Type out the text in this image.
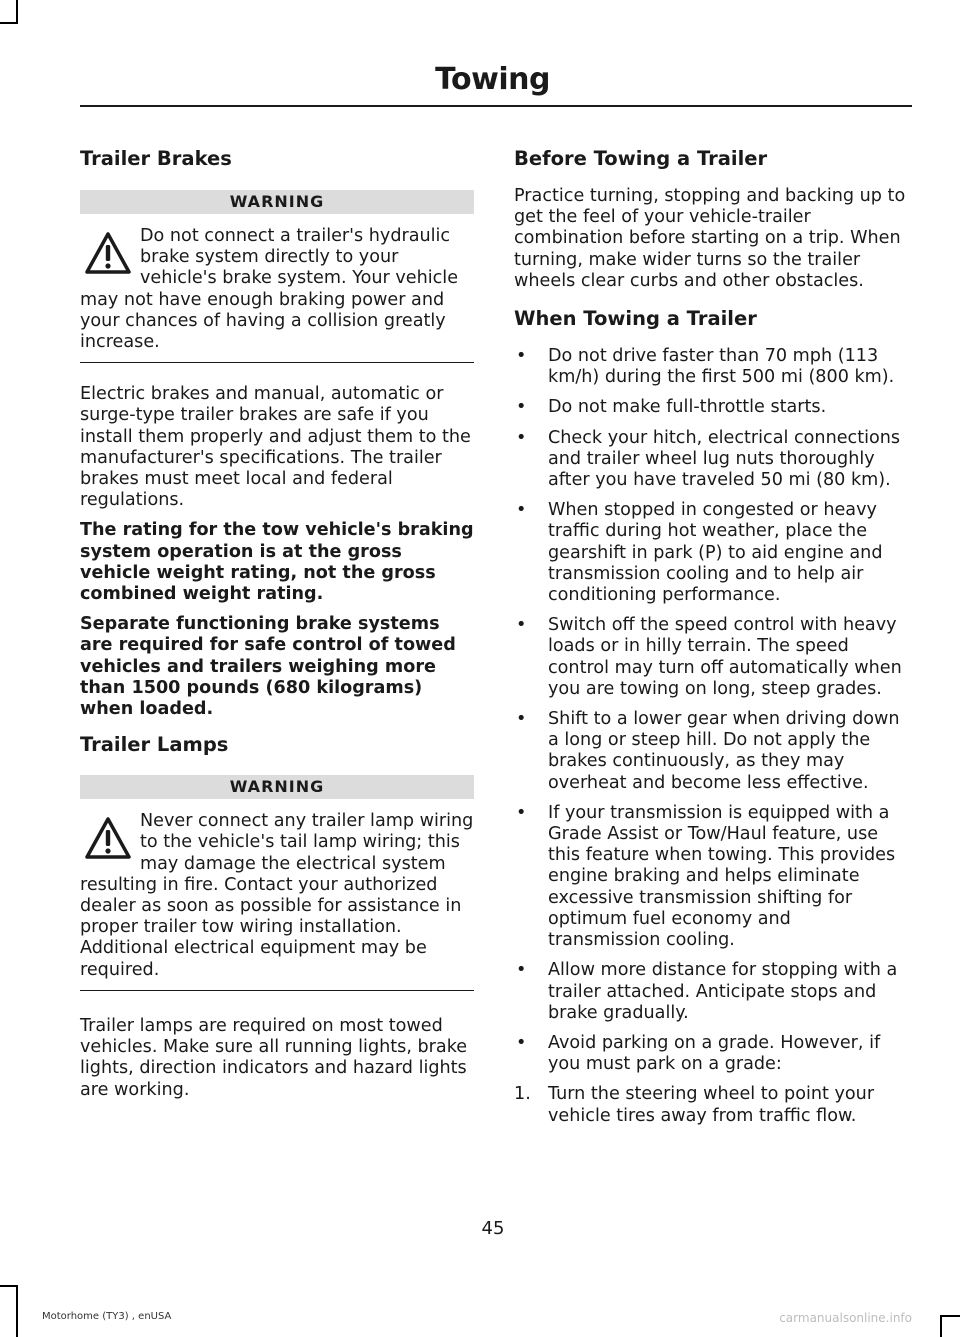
Towing
Trailer Brakes
WARNING
Do not connect a trailer's hydraulic brake system directly to your vehicle's brake system. Your vehicle may not have enough braking power and your chances of having a collision greatly increase.

Electric brakes and manual, automatic or surge-type trailer brakes are safe if you install them properly and adjust them to the manufacturer's specifications. The trailer brakes must meet local and federal regulations.

The rating for the tow vehicle's braking system operation is at the gross vehicle weight rating, not the gross combined weight rating.

Separate functioning brake systems are required for safe control of towed vehicles and trailers weighing more than 1500 pounds (680 kilograms) when loaded.

Trailer Lamps
WARNING
Never connect any trailer lamp wiring to the vehicle's tail lamp wiring; this may damage the electrical system resulting in fire. Contact your authorized dealer as soon as possible for assistance in proper trailer tow wiring installation. Additional electrical equipment may be required.

Trailer lamps are required on most towed vehicles. Make sure all running lights, brake lights, direction indicators and hazard lights are working.

Before Towing a Trailer

Practice turning, stopping and backing up to get the feel of your vehicle-trailer combination before starting on a trip. When turning, make wider turns so the trailer wheels clear curbs and other obstacles.

When Towing a Trailer
• Do not drive faster than 70 mph (113 km/h) during the first 500 mi (800 km).
• Do not make full-throttle starts.
• Check your hitch, electrical connections and trailer wheel lug nuts thoroughly after you have traveled 50 mi (80 km).
• When stopped in congested or heavy traffic during hot weather, place the gearshift in park (P) to aid engine and transmission cooling and to help air conditioning performance.
• Switch off the speed control with heavy loads or in hilly terrain. The speed control may turn off automatically when you are towing on long, steep grades.
• Shift to a lower gear when driving down a long or steep hill. Do not apply the brakes continuously, as they may overheat and become less effective.
• If your transmission is equipped with a Grade Assist or Tow/Haul feature, use this feature when towing. This provides engine braking and helps eliminate excessive transmission shifting for optimum fuel economy and transmission cooling.
• Allow more distance for stopping with a trailer attached. Anticipate stops and brake gradually.
• Avoid parking on a grade. However, if you must park on a grade:
1. Turn the steering wheel to point your vehicle tires away from traffic flow.
45
Motorhome (TY3) , enUSA	carmanualsonline.info
